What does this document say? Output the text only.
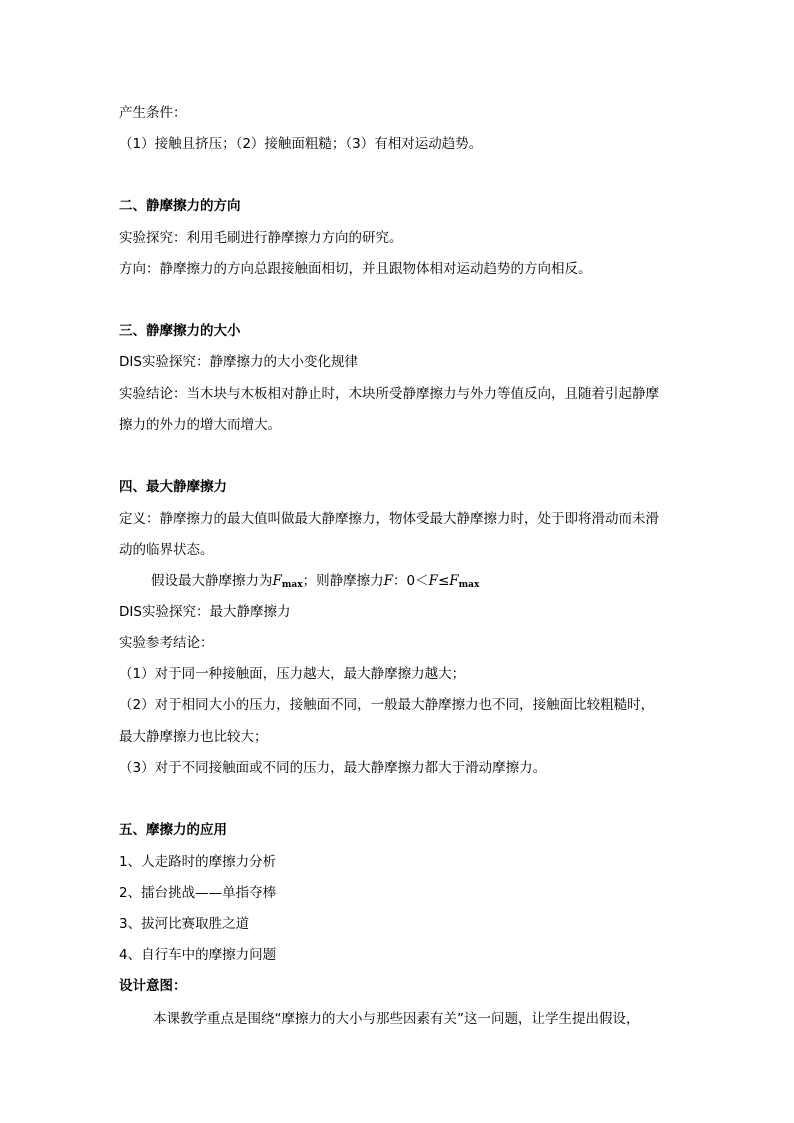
产生条件：
（1）接触且挤压；（2）接触面粗糙；（3）有相对运动趋势。
二、静摩擦力的方向
实验探究：利用毛刷进行静摩擦力方向的研究。
方向：静摩擦力的方向总跟接触面相切，并且跟物体相对运动趋势的方向相反。
三、静摩擦力的大小
DIS实验探究：静摩擦力的大小变化规律
实验结论：当木块与木板相对静止时，木块所受静摩擦力与外力等值反向，且随着引起静摩
擦力的外力的增大而增大。
四、最大静摩擦力
定义：静摩擦力的最大值叫做最大静摩擦力，物体受最大静摩擦力时，处于即将滑动而未滑
动的临界状态。
假设最大静摩擦力为$F_{max}$；则静摩擦力F：$0<F\le F_{max}$
DIS实验探究：最大静摩擦力
实验参考结论：
（1）对于同一种接触面，压力越大，最大静摩擦力越大；
（2）对于相同大小的压力，接触面不同，一般最大静摩擦力也不同，接触面比较粗糙时，
最大静摩擦力也比较大；
（3）对于不同接触面或不同的压力，最大静摩擦力都大于滑动摩擦力。
五、摩擦力的应用
1、人走路时的摩擦力分析
2、擂台挑战——单指夺棒
3、拔河比赛取胜之道
4、自行车中的摩擦力问题
设计意图：
本课教学重点是围绕“摩擦力的大小与那些因素有关”这一问题，让学生提出假设，
